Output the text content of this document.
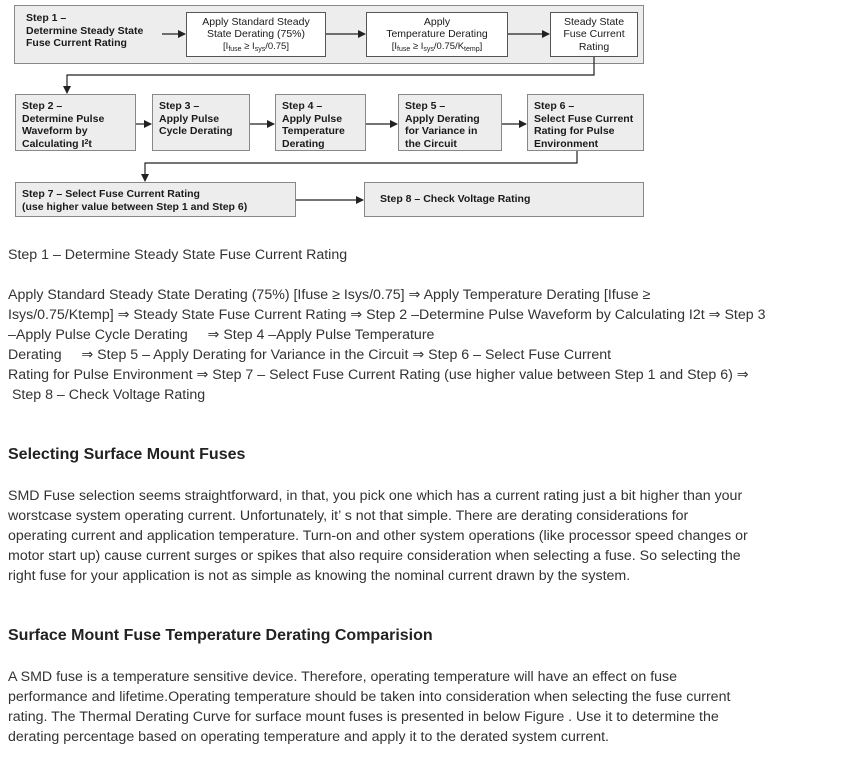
Step 1 –
Determine Steady State
Fuse Current Rating
Apply Standard Steady
State Derating (75%)
$[I_{fuse} \ge I_{sys}/0.75]$
Apply
Temperature Derating
$[I_{fuse} \ge I_{sys}/0.75/K_{temp}]$
Steady State
Fuse Current
Rating
Step 2 –
Determine Pulse
Waveform by
Calculating $I^2t$
Step 3 –
Apply Pulse
Cycle Derating
Step 4 –
Apply Pulse
Temperature
Derating
Step 5 –
Apply Derating
for Variance in
the Circuit
Step 6 –
Select Fuse Current
Rating for Pulse
Environment
Step 7 – Select Fuse Current Rating
(use higher value between Step 1 and Step 6)
Step 8 – Check Voltage Rating

Step 1 – Determine Steady State Fuse Current Rating

Apply Standard Steady State Derating (75%) [Ifuse ≥ Isys/0.75] ⇒ Apply Temperature Derating [Ifuse ≥

Isys/0.75/Ktemp] ⇒ Steady State Fuse Current Rating ⇒ Step 2 –Determine Pulse Waveform by Calculating I2t ⇒ Step 3

–Apply Pulse Cycle Derating     ⇒ Step 4 –Apply Pulse Temperature

Derating     ⇒ Step 5 – Apply Derating for Variance in the Circuit ⇒ Step 6 – Select Fuse Current

Rating for Pulse Environment ⇒ Step 7 – Select Fuse Current Rating (use higher value between Step 1 and Step 6) ⇒

Step 8 – Check Voltage Rating

Selecting Surface Mount Fuses

SMD Fuse selection seems straightforward, in that, you pick one which has a current rating just a bit higher than your

worstcase system operating current. Unfortunately, it’ s not that simple. There are derating considerations for

operating current and application temperature. Turn-on and other system operations (like processor speed changes or

motor start up) cause current surges or spikes that also require consideration when selecting a fuse. So selecting the

right fuse for your application is not as simple as knowing the nominal current drawn by the system.

Surface Mount Fuse Temperature Derating Comparision

A SMD fuse is a temperature sensitive device. Therefore, operating temperature will have an effect on fuse

performance and lifetime.Operating temperature should be taken into consideration when selecting the fuse current

rating. The Thermal Derating Curve for surface mount fuses is presented in below Figure . Use it to determine the

derating percentage based on operating temperature and apply it to the derated system current.
